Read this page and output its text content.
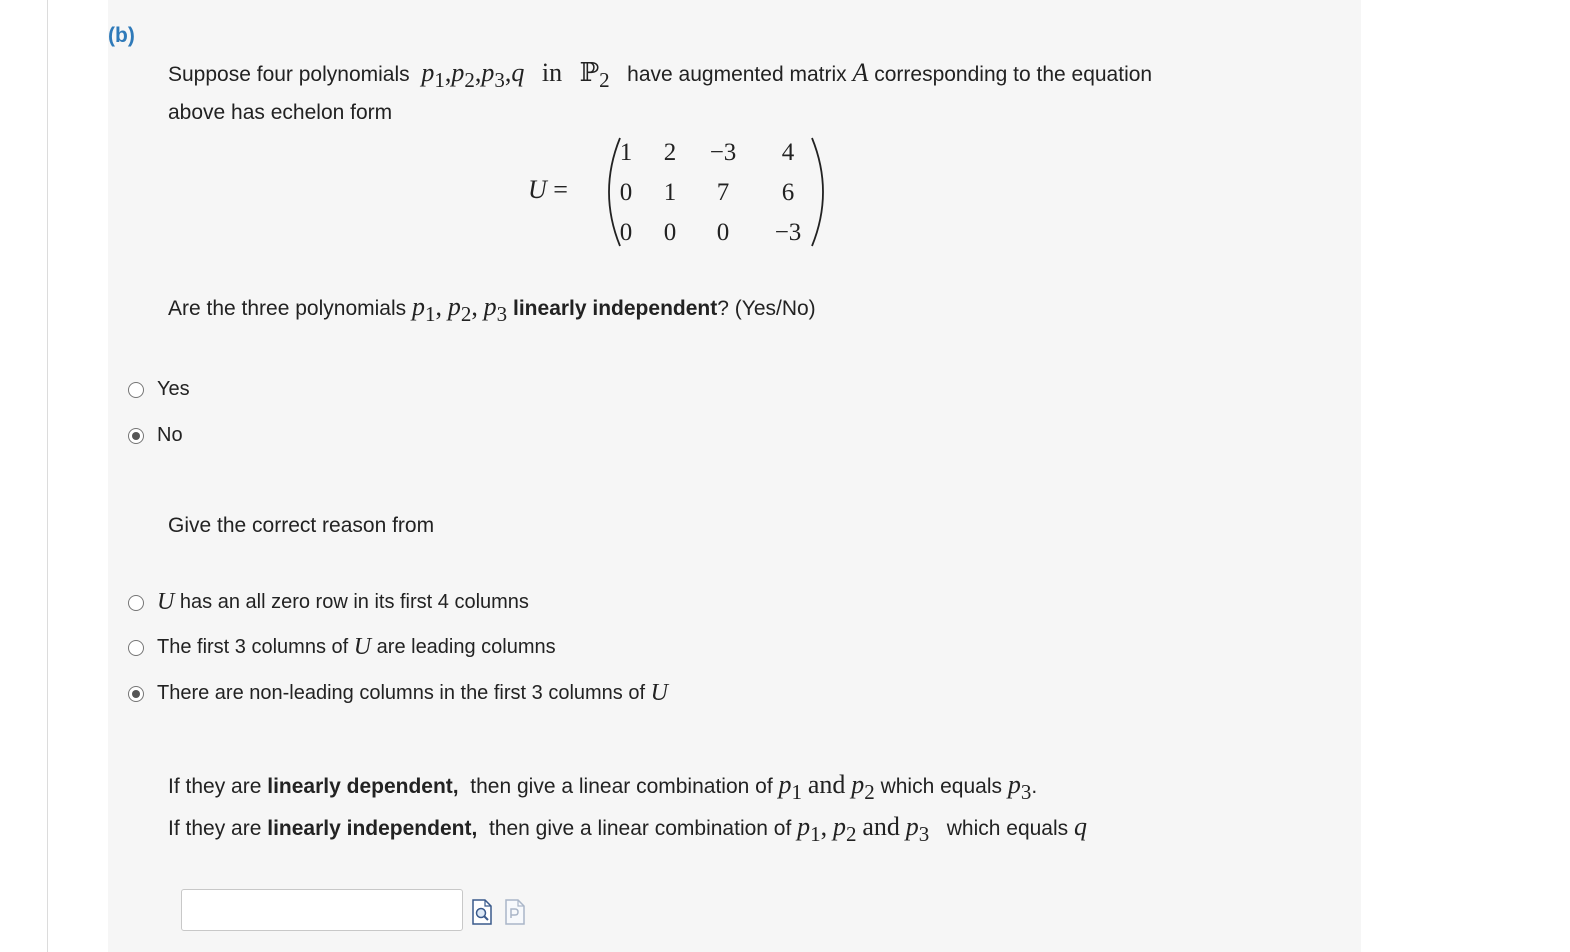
(b)
Suppose four polynomials $p_1,p_2,p_3,q$ in ℙ$_2$ have augmented matrix A corresponding to the equation
above has echelon form
U =
1	2	−3	4
0	1	7	6
0	0	0	−3
Are the three polynomials $p_1$, $p_2$, $p_3$ linearly independent? (Yes/No)
Yes
No
Give the correct reason from
U
has an all zero row in its first 4 columns
The first 3 columns of
U
are leading columns
There are non-leading columns in the first 3 columns of
U
If they are linearly dependent, then give a linear combination of $p_1$ and $p_2$ which equals $p_3$.
If they are linearly independent, then give a linear combination of $p_1$, $p_2$ and $p_3$ which equals q
